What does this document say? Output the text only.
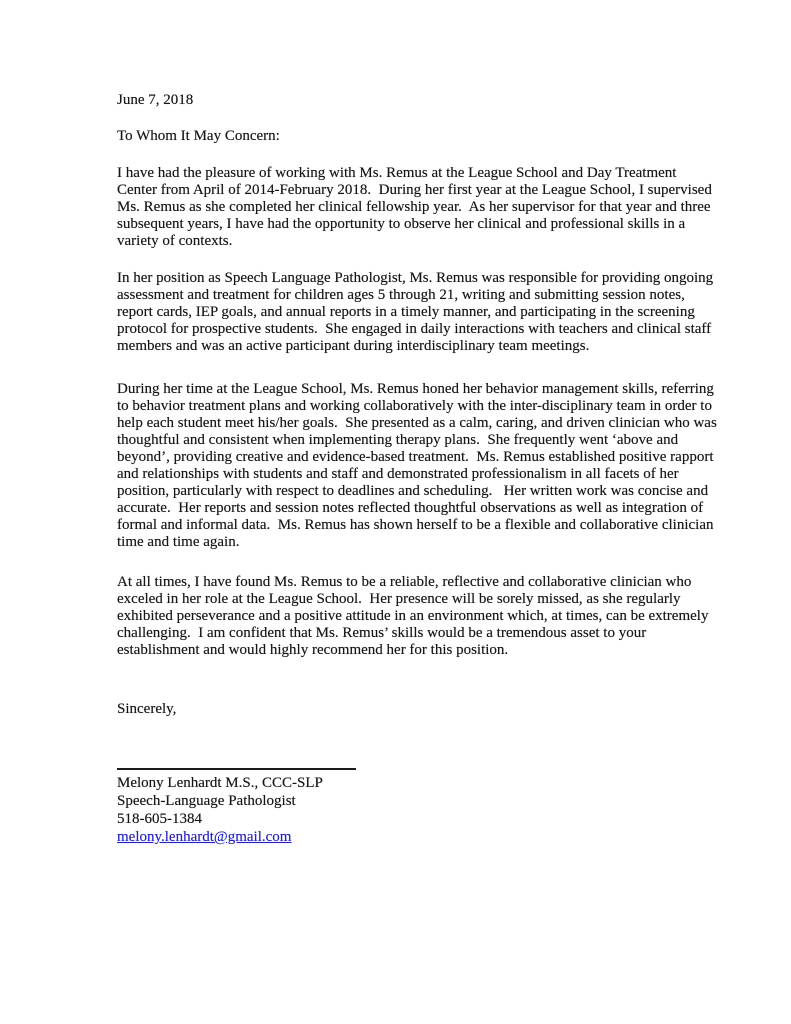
June 7, 2018
To Whom It May Concern:

I have had the pleasure of working with Ms. Remus at the League School and Day Treatment Center from April of 2014-February 2018.  During her first year at the League School, I supervised Ms. Remus as she completed her clinical fellowship year.  As her supervisor for that year and three subsequent years, I have had the opportunity to observe her clinical and professional skills in a variety of contexts.

In her position as Speech Language Pathologist, Ms. Remus was responsible for providing ongoing assessment and treatment for children ages 5 through 21, writing and submitting session notes, report cards, IEP goals, and annual reports in a timely manner, and participating in the screening protocol for prospective students.  She engaged in daily interactions with teachers and clinical staff members and was an active participant during interdisciplinary team meetings.

During her time at the League School, Ms. Remus honed her behavior management skills, referring to behavior treatment plans and working collaboratively with the inter-disciplinary team in order to help each student meet his/her goals.  She presented as a calm, caring, and driven clinician who was thoughtful and consistent when implementing therapy plans.  She frequently went ‘above and beyond’, providing creative and evidence-based treatment.  Ms. Remus established positive rapport and relationships with students and staff and demonstrated professionalism in all facets of her position, particularly with respect to deadlines and scheduling.   Her written work was concise and accurate.  Her reports and session notes reflected thoughtful observations as well as integration of formal and informal data.  Ms. Remus has shown herself to be a flexible and collaborative clinician time and time again.

At all times, I have found Ms. Remus to be a reliable, reflective and collaborative clinician who exceled in her role at the League School.  Her presence will be sorely missed, as she regularly exhibited perseverance and a positive attitude in an environment which, at times, can be extremely challenging.  I am confident that Ms. Remus’ skills would be a tremendous asset to your establishment and would highly recommend her for this position.

Sincerely,
Melony Lenhardt M.S., CCC-SLP
Speech-Language Pathologist
518-605-1384
melony.lenhardt@gmail.com
